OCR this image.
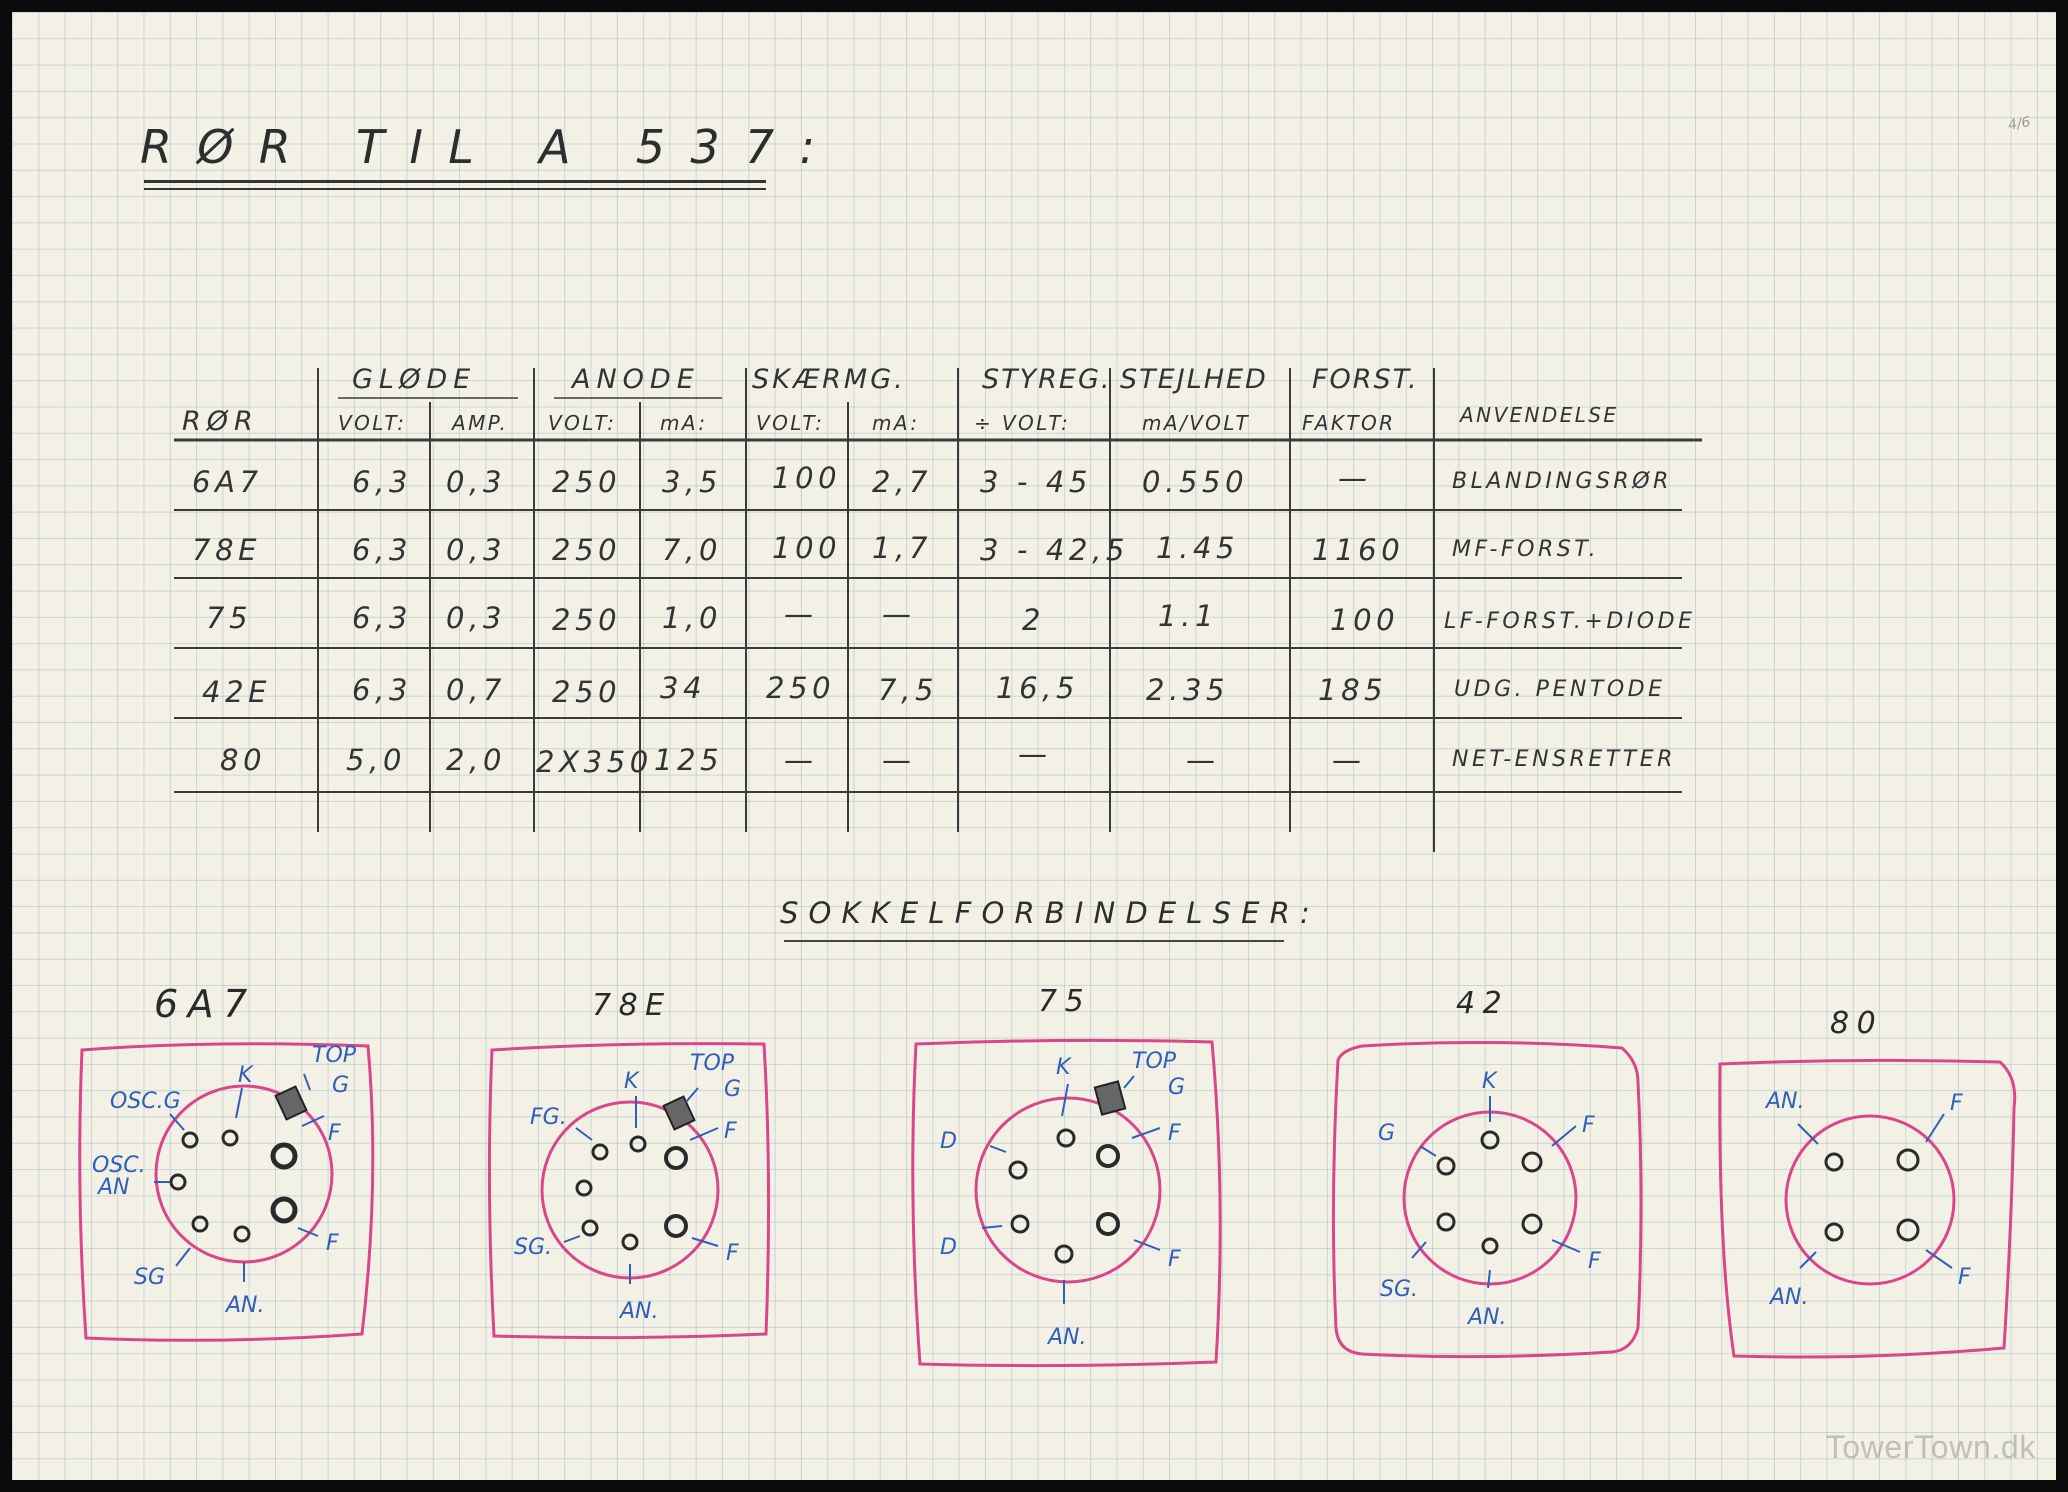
4/6
RØR TIL A 537:
GLØDE	ANODE SKÆRMG.	STYREG. STEJLHED FORST.
RØR	VOLT: AMP. VOLT: mA: VOLT: mA:	÷ VOLT:	mA/VOLT	FAKTOR	ANVENDELSE
6A7	6,3 0,3 250 3,5 100 2,7 3 - 45 0.550	—	BLANDINGSRØR
78E	6,3 0,3 250 7,0 100 1,7 3 - 42,5 1.45	1160 MF-FORST.
75	6,3 0,3 250 1,0 — —	2	1.1	100 LF-FORST.+DIODE
42E	6,3 0,7 250 34 250 7,5 16,5 2.35	185	UDG. PENTODE
80	5,0 2,0 2X350 125 — —	—	—	—	NET-ENSRETTER
SOKKELFORBINDELSER:
6A7
TOP
G
K
OSC.G
OSC.
AN
F
F
SG
AN.
78E
TOP
G
K
FG.
F
F
SG.
AN.
75
TOP
G
K
D
D
F
F
AN.
42
K
G	F
F
SG.
AN.
80
AN.	F
AN.
F
TowerTown.dk
